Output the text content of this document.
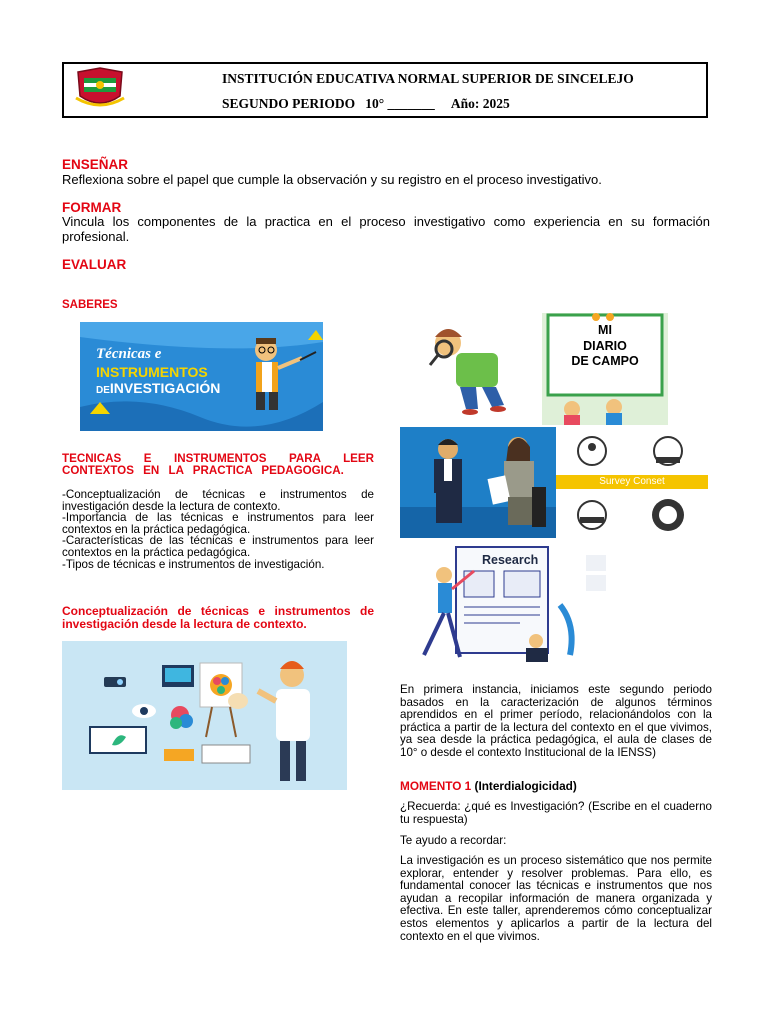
INSTITUCIÓN EDUCATIVA NORMAL SUPERIOR DE SINCELEJO
SEGUNDO PERIODO   10° _______     Año: 2025
ENSEÑAR
Reflexiona sobre el papel que cumple la observación y su registro en el proceso investigativo.
FORMAR
Vincula los componentes de la practica en el proceso investigativo como experiencia en su formación profesional.
EVALUAR
SABERES
Técnicas e
INSTRUMENTOS
DEINVESTIGACIÓN
TECNICAS E INSTRUMENTOS PARA LEER CONTEXTOS EN LA PRACTICA PEDAGOGICA.
-Conceptualización de técnicas e instrumentos de investigación desde la lectura de contexto.
-Importancia de las técnicas e instrumentos para leer contextos en la práctica pedagógica.
-Características de las técnicas e instrumentos para leer contextos en la práctica pedagógica.
-Tipos de técnicas e instrumentos de investigación.
Conceptualización de técnicas e instrumentos de investigación desde la lectura de contexto.
MI
DIARIO
DE CAMPO
Survey Conset
Research
En primera instancia, iniciamos este segundo periodo basados en la caracterización de algunos términos aprendidos en el primer período, relacionándolos con la práctica a partir de la lectura del contexto en el que vivimos, ya sea desde la práctica pedagógica, el aula de clases de 10° o desde el contexto Institucional de la IENSS)
MOMENTO 1 (Interdialogicidad)
¿Recuerda: ¿qué es Investigación? (Escribe en el cuaderno tu respuesta)
Te ayudo a recordar:
La investigación es un proceso sistemático que nos permite explorar, entender y resolver problemas. Para ello, es fundamental conocer las técnicas e instrumentos que nos ayudan a recopilar información de manera organizada y efectiva. En este taller, aprenderemos cómo conceptualizar estos elementos y aplicarlos a partir de la lectura del contexto en el que vivimos.
